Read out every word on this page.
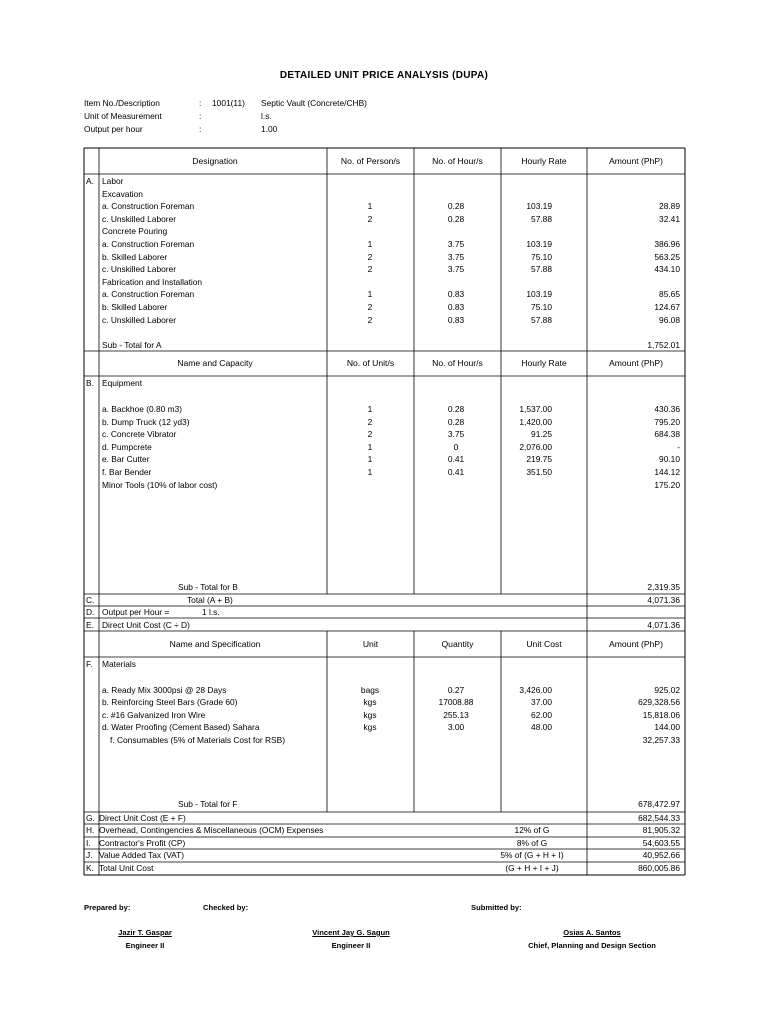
DETAILED UNIT PRICE ANALYSIS (DUPA)
Item No./Description	: 1001(11) Septic Vault (Concrete/CHB)
Unit of Measurement	:	l.s.
Output per hour	:	1.00
Designation	No. of Person/s	No. of Hour/s	Hourly Rate	Amount (PhP)
A. Labor
Excavation
a. Construction Foreman	1	0.28	103.19	28.89
c. Unskilled Laborer	2	0.28	57.88	32.41
Concrete Pouring
a. Construction Foreman	1	3.75	103.19	386.96
b. Skilled Laborer	2	3.75	75.10	563.25
c. Unskilled Laborer	2	3.75	57.88	434.10
Fabrication and Installation
a. Construction Foreman	1	0.83	103.19	85.65
b. Skilled Laborer	2	0.83	75.10	124.67
c. Unskilled Laborer	2	0.83	57.88	96.08
Sub - Total for A	1,752.01
Name and Capacity	No. of Unit/s	No. of Hour/s	Hourly Rate	Amount (PhP)
B. Equipment
a. Backhoe (0.80 m3)	1	0.28	1,537.00	430.36
b. Dump Truck (12 yd3)	2	0.28	1,420.00	795.20
c. Concrete Vibrator	2	3.75	91.25	684.38
d. Pumpcrete	1	0	2,076.00	-
e. Bar Cutter	1	0.41	219.75	90.10
f. Bar Bender	1	0.41	351.50	144.12
Minor Tools (10% of labor cost)	175.20
Sub - Total for B	2,319.35
C.	Total (A + B)	4,071.36
D. Output per Hour =	1 l.s.
E. Direct Unit Cost (C ÷ D)	4,071.36
Name and Specification	Unit	Quantity	Unit Cost	Amount (PhP)
F. Materials
a. Ready Mix 3000psi @ 28 Days	bags	0.27	3,426.00	925.02
b. Reinforcing Steel Bars (Grade 60)	kgs	17008.88	37.00	629,328.56
c. #16 Galvanized Iron Wire	kgs	255.13	62.00	15,818.06
d. Water Proofing (Cement Based) Sahara	kgs	3.00	48.00	144.00
f. Consumables (5% of Materials Cost for RSB)	32,257.33
Sub - Total for F	678,472.97
G. Direct Unit Cost (E + F)	682,544.33
H. Overhead, Contingencies & Miscellaneous (OCM) Expenses	12% of G	81,905.32
I. Contractor's Profit (CP)	8% of G	54,603.55
J. Value Added Tax (VAT)	5% of (G + H + I)	40,952.66
K. Total Unit Cost	(G + H + I + J)	860,005.86
Prepared by:	Checked by:	Submitted by:
Jazir T. Gaspar
Engineer II
Vincent Jay G. Sagun
Engineer II
Osias A. Santos
Chief, Planning and Design Section
